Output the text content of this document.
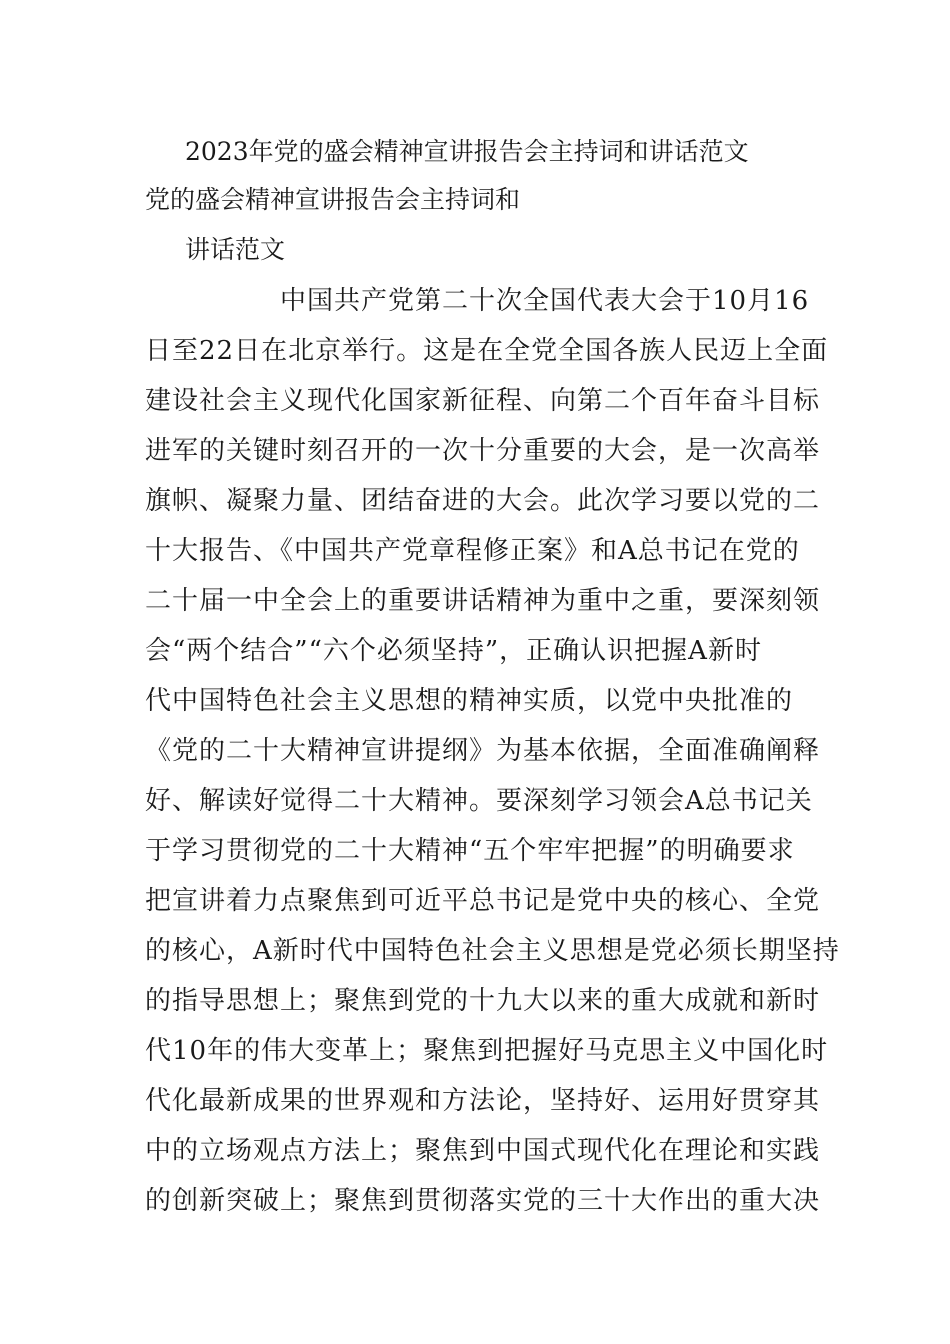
2023年党的盛会精神宣讲报告会主持词和讲话范文
党的盛会精神宣讲报告会主持词和
讲话范文
　　　　　中国共产党第二十次全国代表大会于10月16
日至22日在北京举行。这是在全党全国各族人民迈上全面
建设社会主义现代化国家新征程、向第二个百年奋斗目标
进军的关键时刻召开的一次十分重要的大会，是一次高举
旗帜、凝聚力量、团结奋进的大会。此次学习要以党的二
十大报告、《中国共产党章程修正案》和A总书记在党的
二十届一中全会上的重要讲话精神为重中之重，要深刻领
会“两个结合”“六个必须坚持”，正确认识把握A新时
代中国特色社会主义思想的精神实质，以党中央批准的
《党的二十大精神宣讲提纲》为基本依据，全面准确阐释
好、解读好觉得二十大精神。要深刻学习领会A总书记关
于学习贯彻党的二十大精神“五个牢牢把握”的明确要求
把宣讲着力点聚焦到可近平总书记是党中央的核心、全党
的核心，A新时代中国特色社会主义思想是党必须长期坚持
的指导思想上；聚焦到党的十九大以来的重大成就和新时
代10年的伟大变革上；聚焦到把握好马克思主义中国化时
代化最新成果的世界观和方法论，坚持好、运用好贯穿其
中的立场观点方法上；聚焦到中国式现代化在理论和实践
的创新突破上；聚焦到贯彻落实党的三十大作出的重大决
